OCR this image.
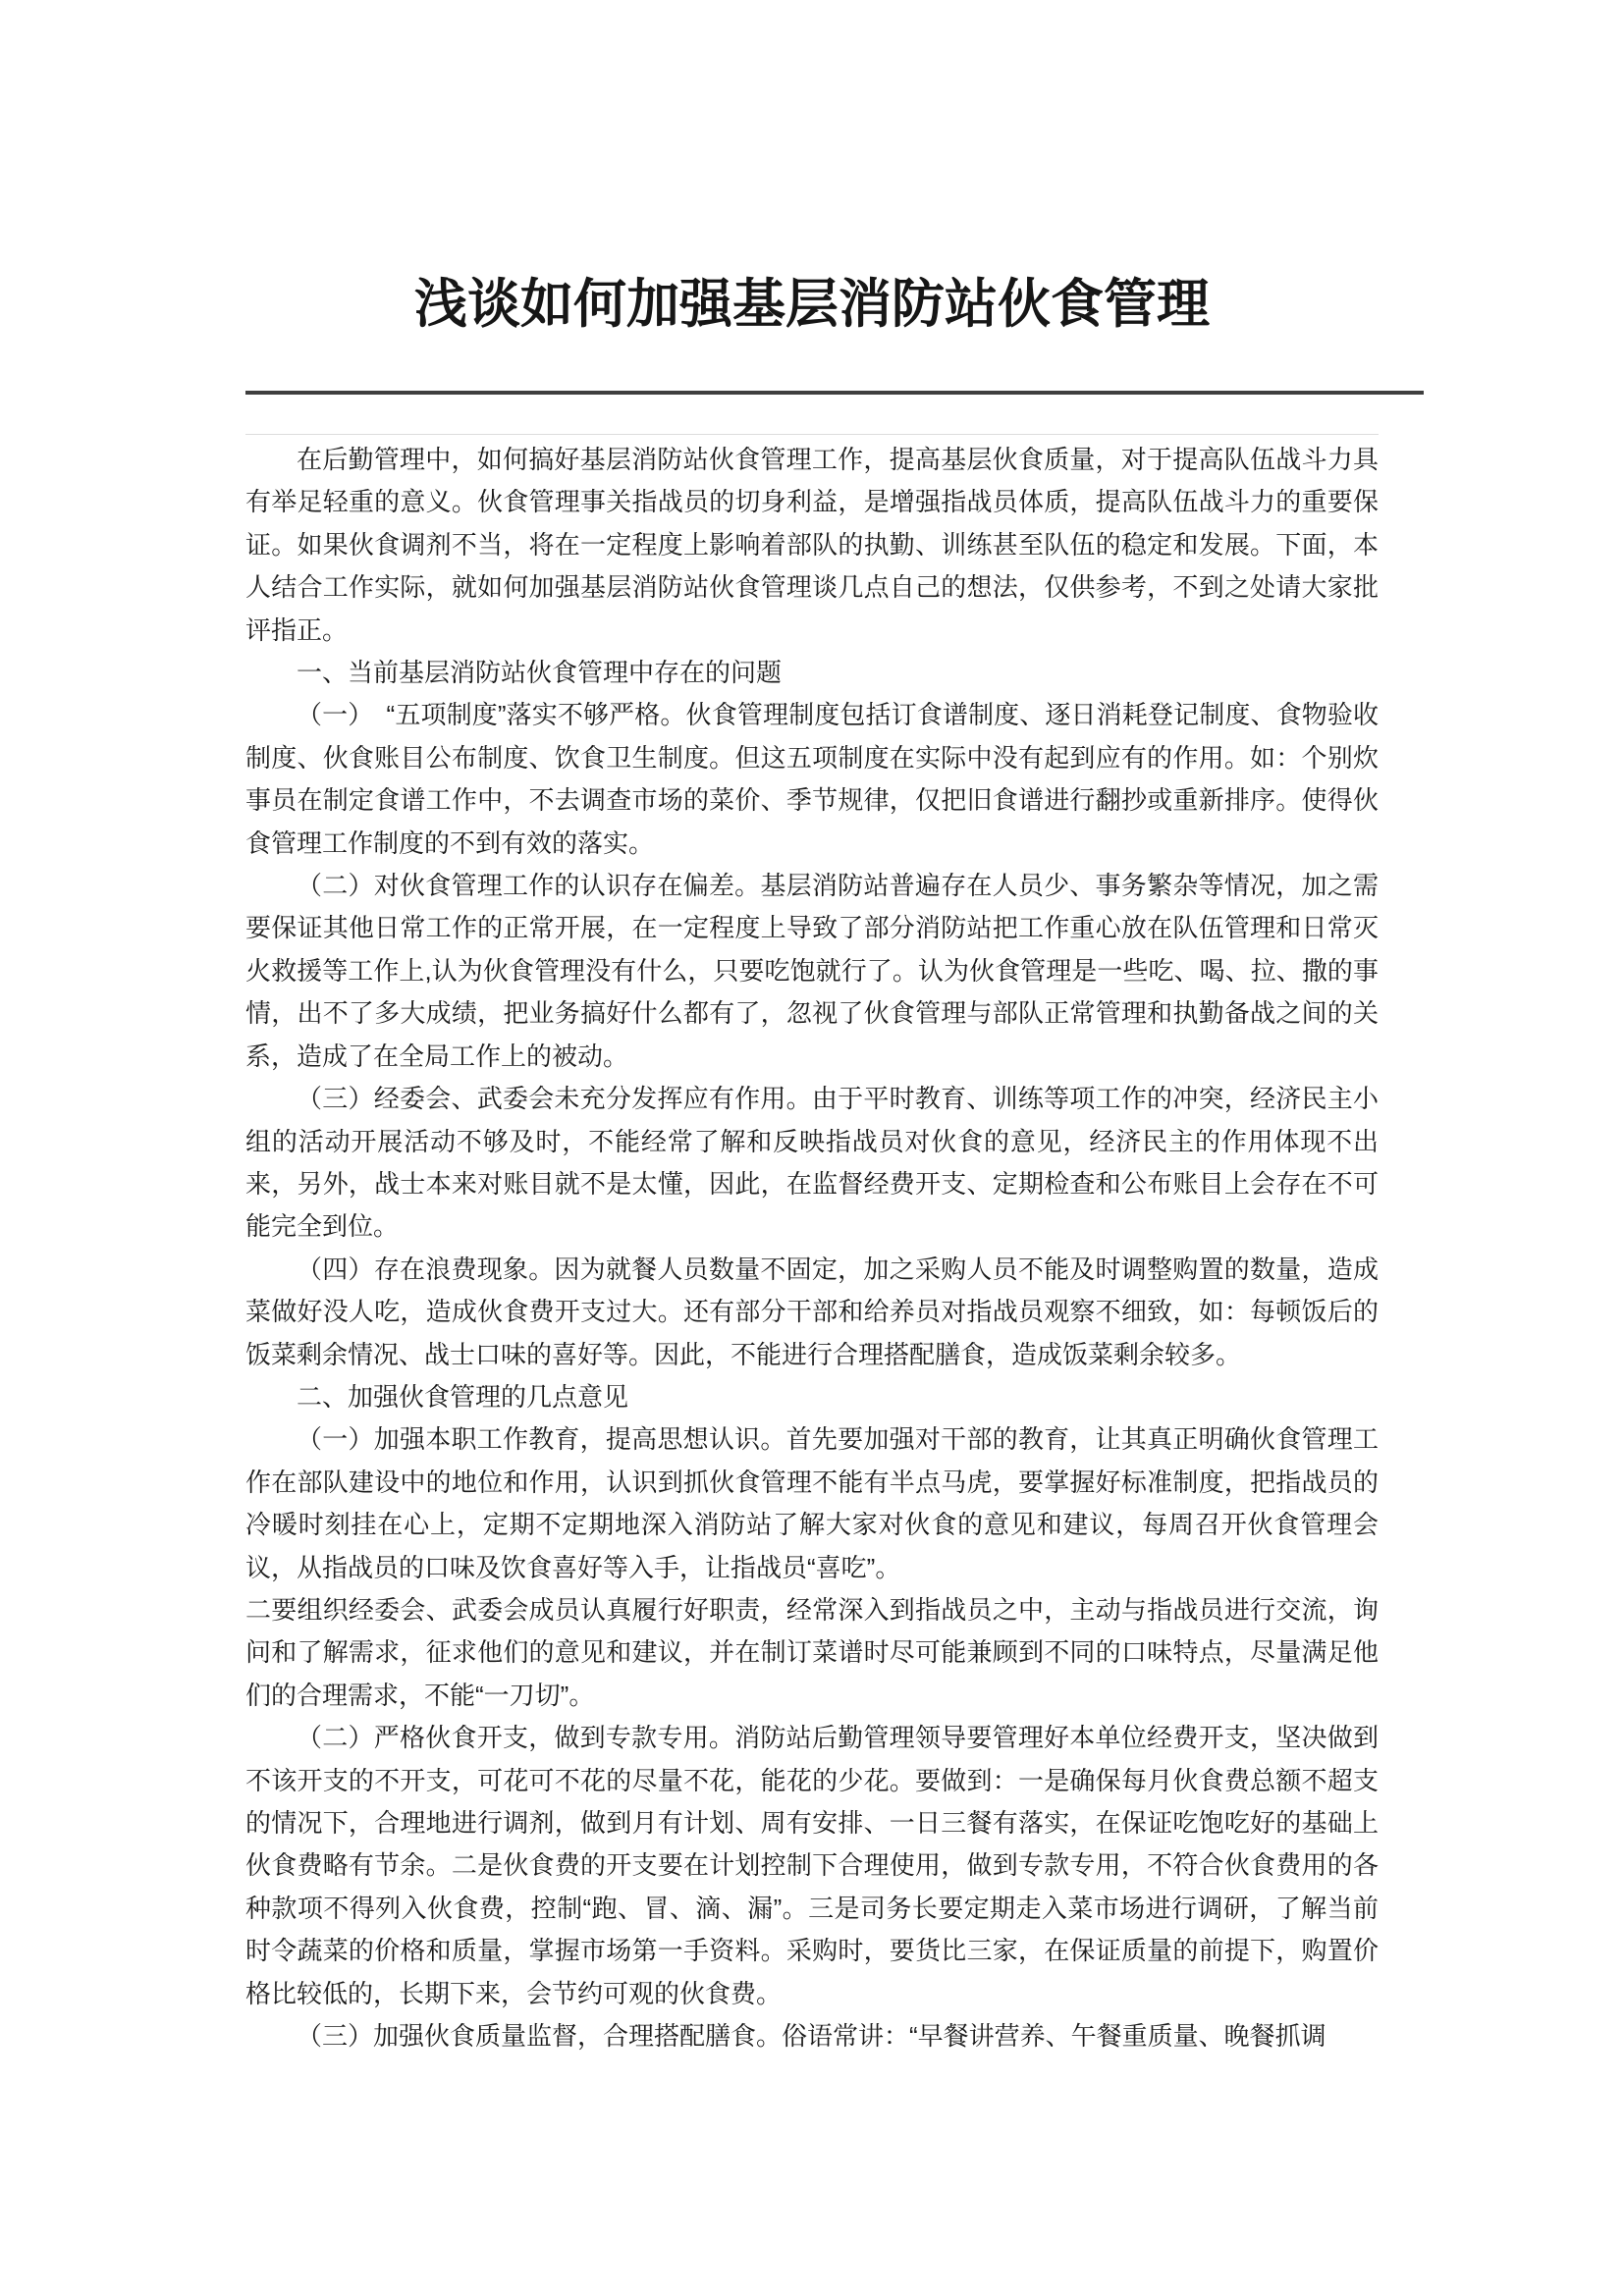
浅谈如何加强基层消防站伙食管理

在后勤管理中，如何搞好基层消防站伙食管理工作，提高基层伙食质量，对于提高队伍战斗力具有举足轻重的意义。伙食管理事关指战员的切身利益，是增强指战员体质，提高队伍战斗力的重要保证。如果伙食调剂不当，将在一定程度上影响着部队的执勤、训练甚至队伍的稳定和发展。下面，本人结合工作实际，就如何加强基层消防站伙食管理谈几点自己的想法，仅供参考，不到之处请大家批评指正。

一、当前基层消防站伙食管理中存在的问题

（一）　“五项制度”落实不够严格。伙食管理制度包括订食谱制度、逐日消耗登记制度、食物验收制度、伙食账目公布制度、饮食卫生制度。但这五项制度在实际中没有起到应有的作用。如：个别炊事员在制定食谱工作中，不去调查市场的菜价、季节规律，仅把旧食谱进行翻抄或重新排序。使得伙食管理工作制度的不到有效的落实。

（二）对伙食管理工作的认识存在偏差。基层消防站普遍存在人员少、事务繁杂等情况，加之需要保证其他日常工作的正常开展，在一定程度上导致了部分消防站把工作重心放在队伍管理和日常灭火救援等工作上,认为伙食管理没有什么，只要吃饱就行了。认为伙食管理是一些吃、喝、拉、撒的事情，出不了多大成绩，把业务搞好什么都有了，忽视了伙食管理与部队正常管理和执勤备战之间的关系，造成了在全局工作上的被动。

（三）经委会、武委会未充分发挥应有作用。由于平时教育、训练等项工作的冲突，经济民主小组的活动开展活动不够及时，不能经常了解和反映指战员对伙食的意见，经济民主的作用体现不出来，另外，战士本来对账目就不是太懂，因此，在监督经费开支、定期检查和公布账目上会存在不可能完全到位。

（四）存在浪费现象。因为就餐人员数量不固定，加之采购人员不能及时调整购置的数量，造成菜做好没人吃，造成伙食费开支过大。还有部分干部和给养员对指战员观察不细致，如：每顿饭后的饭菜剩余情况、战士口味的喜好等。因此，不能进行合理搭配膳食，造成饭菜剩余较多。

二、加强伙食管理的几点意见

（一）加强本职工作教育，提高思想认识。首先要加强对干部的教育，让其真正明确伙食管理工作在部队建设中的地位和作用，认识到抓伙食管理不能有半点马虎，要掌握好标准制度，把指战员的冷暖时刻挂在心上，定期不定期地深入消防站了解大家对伙食的意见和建议，每周召开伙食管理会议，从指战员的口味及饮食喜好等入手，让指战员“喜吃”。

二要组织经委会、武委会成员认真履行好职责，经常深入到指战员之中，主动与指战员进行交流，询问和了解需求，征求他们的意见和建议，并在制订菜谱时尽可能兼顾到不同的口味特点，尽量满足他们的合理需求，不能“一刀切”。

（二）严格伙食开支，做到专款专用。消防站后勤管理领导要管理好本单位经费开支，坚决做到不该开支的不开支，可花可不花的尽量不花，能花的少花。要做到：一是确保每月伙食费总额不超支的情况下，合理地进行调剂，做到月有计划、周有安排、一日三餐有落实，在保证吃饱吃好的基础上伙食费略有节余。二是伙食费的开支要在计划控制下合理使用，做到专款专用，不符合伙食费用的各种款项不得列入伙食费，控制“跑、冒、滴、漏”。三是司务长要定期走入菜市场进行调研，了解当前时令蔬菜的价格和质量，掌握市场第一手资料。采购时，要货比三家，在保证质量的前提下，购置价格比较低的，长期下来，会节约可观的伙食费。

（三）加强伙食质量监督，合理搭配膳食。俗语常讲：“早餐讲营养、午餐重质量、晚餐抓调
